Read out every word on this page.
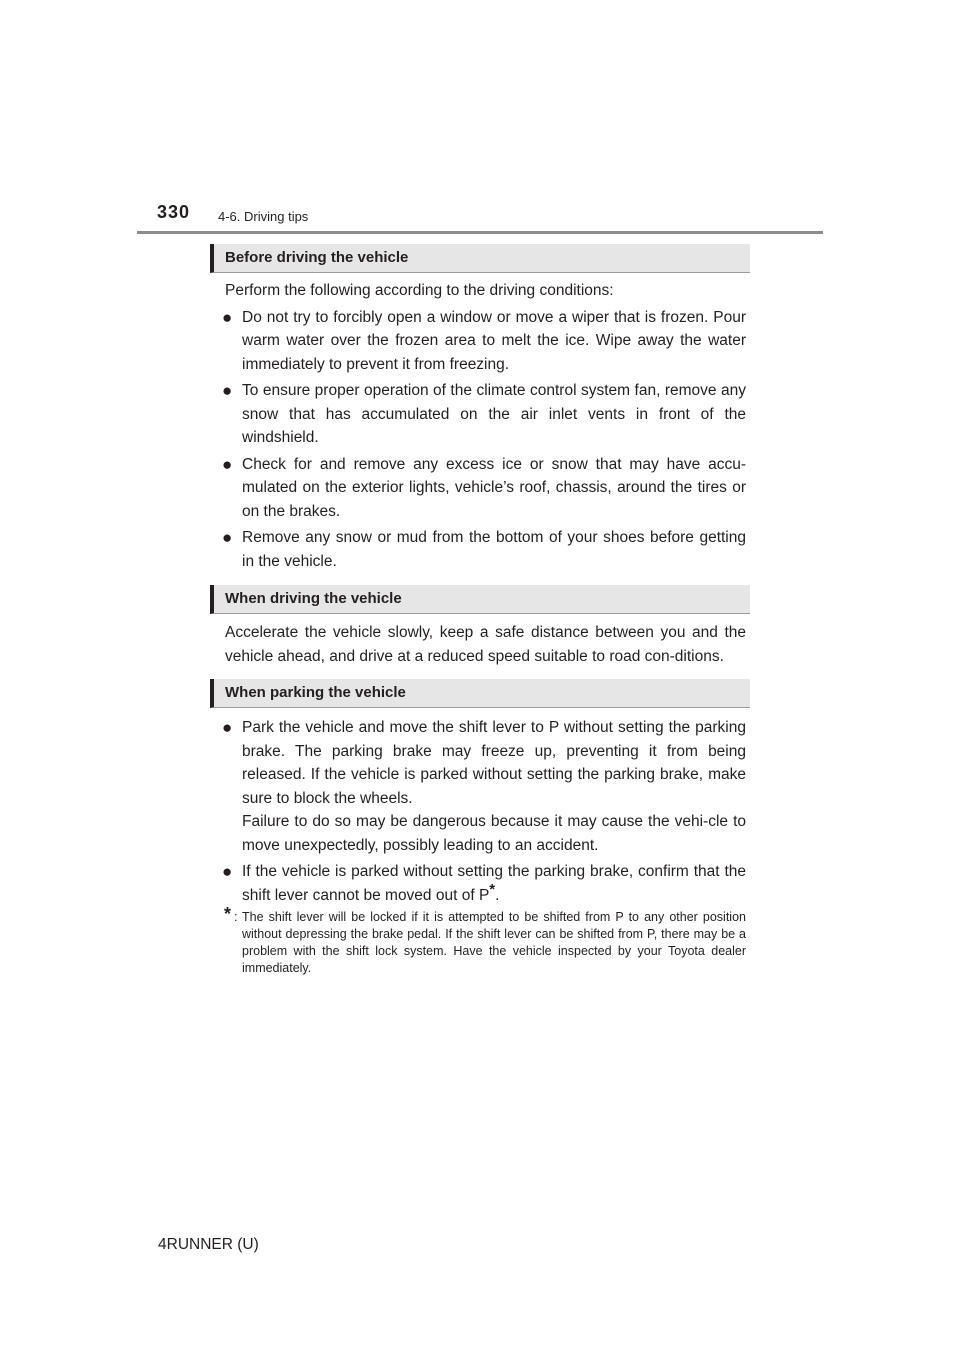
330 4-6. Driving tips
Before driving the vehicle
Perform the following according to the driving conditions:
● Do not try to forcibly open a window or move a wiper that is frozen. Pour warm water over the frozen area to melt the ice. Wipe away the water immediately to prevent it from freezing.
● To ensure proper operation of the climate control system fan, remove any snow that has accumulated on the air inlet vents in front of the windshield.
● Check for and remove any excess ice or snow that may have accu-mulated on the exterior lights, vehicle’s roof, chassis, around the tires or on the brakes.
● Remove any snow or mud from the bottom of your shoes before getting in the vehicle.
When driving the vehicle
Accelerate the vehicle slowly, keep a safe distance between you and the vehicle ahead, and drive at a reduced speed suitable to road con-ditions.
When parking the vehicle
● Park the vehicle and move the shift lever to P without setting the parking brake. The parking brake may freeze up, preventing it from being released. If the vehicle is parked without setting the parking brake, make sure to block the wheels.
Failure to do so may be dangerous because it may cause the vehi-cle to move unexpectedly, possibly leading to an accident.
● If the vehicle is parked without setting the parking brake, confirm that the shift lever cannot be moved out of P*.
* : The shift lever will be locked if it is attempted to be shifted from P to any other position without depressing the brake pedal. If the shift lever can be shifted from P, there may be a problem with the shift lock system. Have the vehicle inspected by your Toyota dealer immediately.
4RUNNER (U)
